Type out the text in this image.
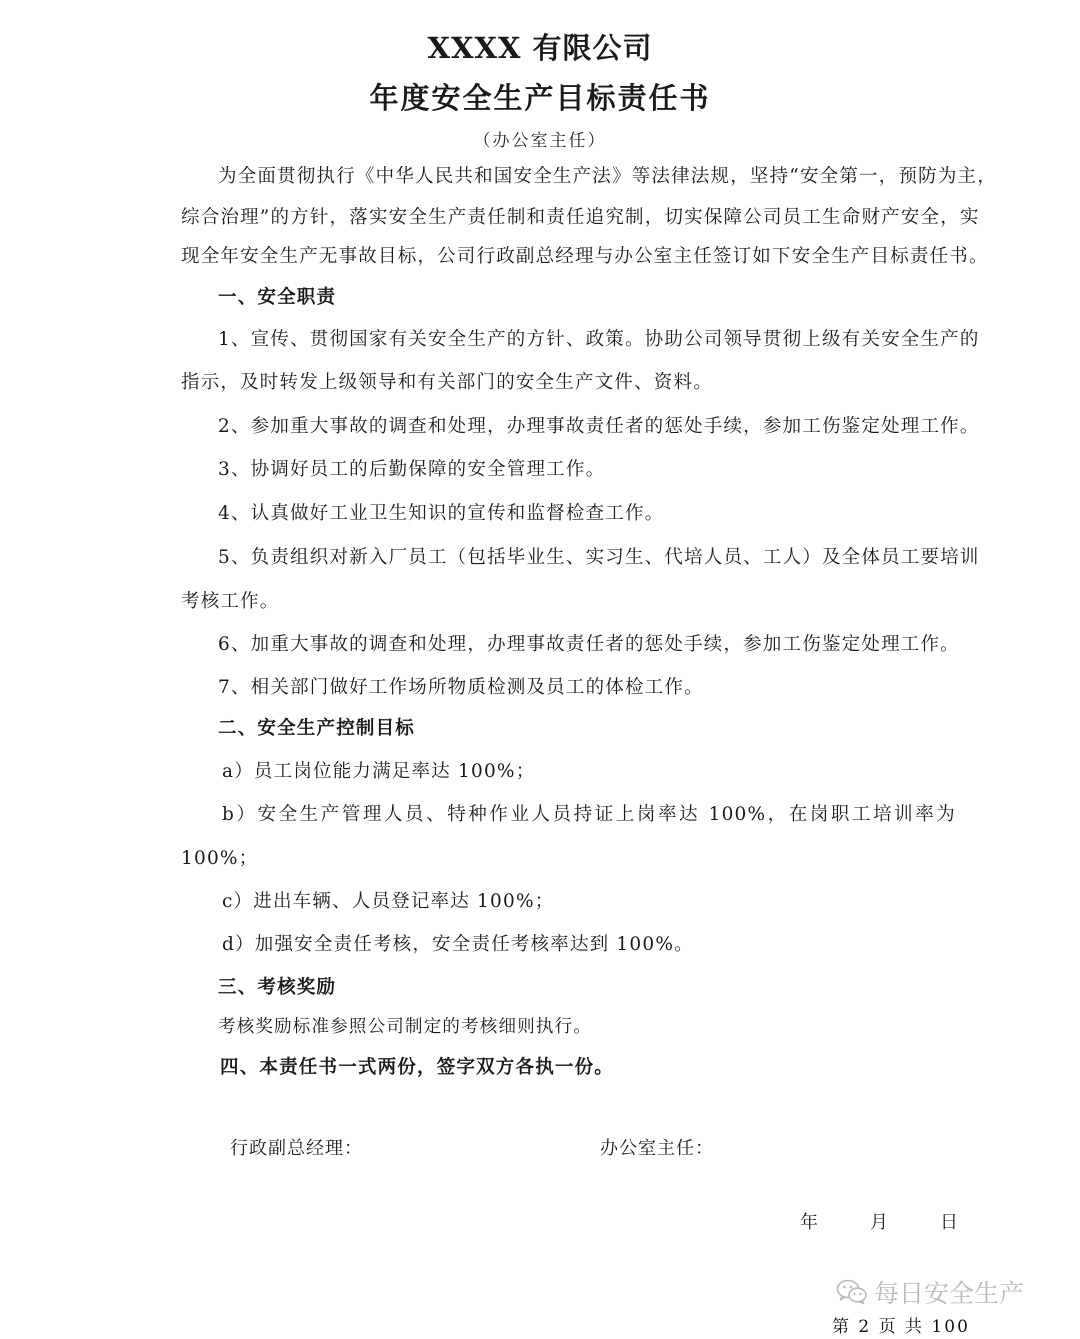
XXXX 有限公司
年度安全生产目标责任书
（办公室主任）
为全面贯彻执行《中华人民共和国安全生产法》等法律法规，坚持“安全第一，预防为主，
综合治理”的方针，落实安全生产责任制和责任追究制，切实保障公司员工生命财产安全，实
现全年安全生产无事故目标，公司行政副总经理与办公室主任签订如下安全生产目标责任书。
一、安全职责
1、宣传、贯彻国家有关安全生产的方针、政策。协助公司领导贯彻上级有关安全生产的
指示，及时转发上级领导和有关部门的安全生产文件、资料。
2、参加重大事故的调查和处理，办理事故责任者的惩处手续，参加工伤鉴定处理工作。
3、协调好员工的后勤保障的安全管理工作。
4、认真做好工业卫生知识的宣传和监督检查工作。
5、负责组织对新入厂员工（包括毕业生、实习生、代培人员、工人）及全体员工要培训
考核工作。
6、加重大事故的调查和处理，办理事故责任者的惩处手续，参加工伤鉴定处理工作。
7、相关部门做好工作场所物质检测及员工的体检工作。
二、安全生产控制目标
a）员工岗位能力满足率达 100%；
b）安全生产管理人员、特种作业人员持证上岗率达 100%，在岗职工培训率为
100%；
c）进出车辆、人员登记率达 100%；
d）加强安全责任考核，安全责任考核率达到 100%。
三、考核奖励
考核奖励标准参照公司制定的考核细则执行。
四、本责任书一式两份，签字双方各执一份。
行政副总经理：	办公室主任：
年	月	日
每日安全生产
第 2 页 共 100
